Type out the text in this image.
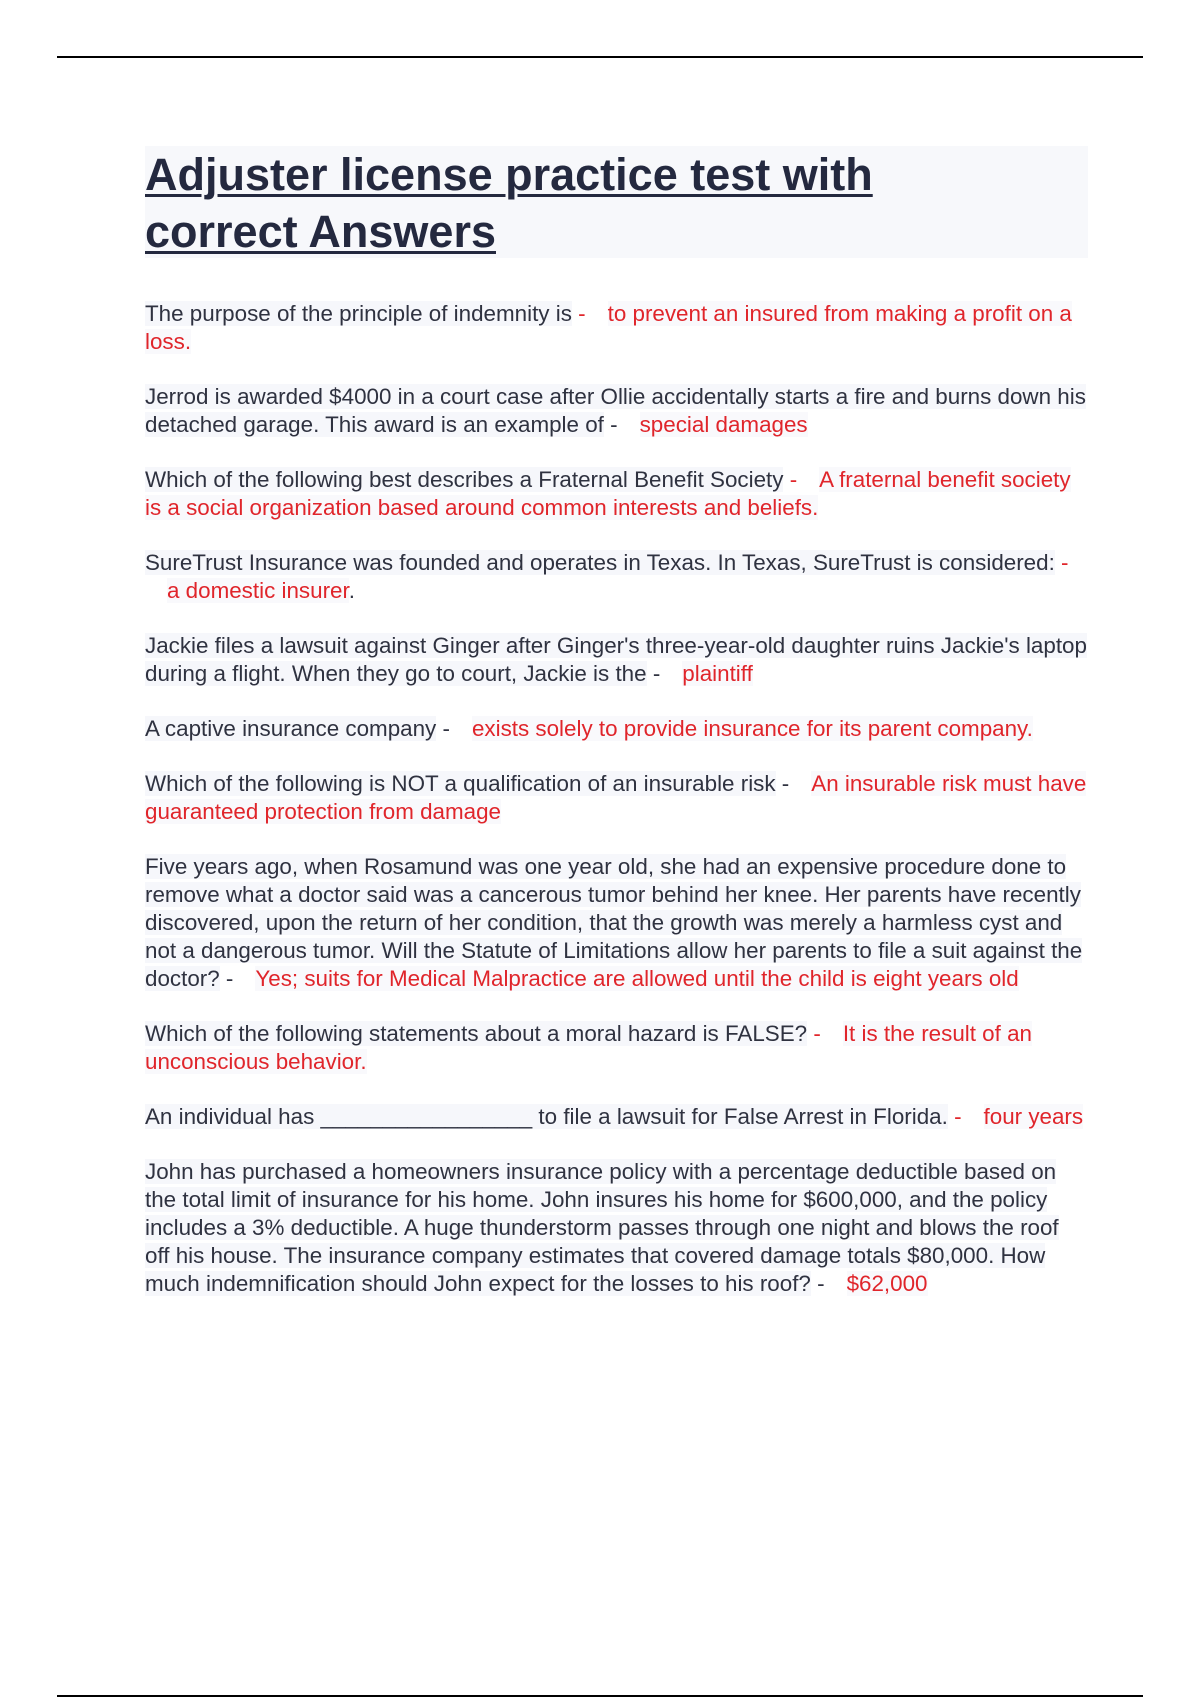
Adjuster license practice test with
correct Answers

The purpose of the principle of indemnity is - to prevent an insured from making a profit on a loss.

Jerrod is awarded $4000 in a court case after Ollie accidentally starts a fire and burns down his detached garage. This award is an example of - special damages

Which of the following best describes a Fraternal Benefit Society - A fraternal benefit society is a social organization based around common interests and beliefs.

SureTrust Insurance was founded and operates in Texas. In Texas, SureTrust is considered: -a domestic insurer.

Jackie files a lawsuit against Ginger after Ginger's three-year-old daughter ruins Jackie's laptop during a flight. When they go to court, Jackie is the - plaintiff

A captive insurance company - exists solely to provide insurance for its parent company.

Which of the following is NOT a qualification of an insurable risk - An insurable risk must have guaranteed protection from damage

Five years ago, when Rosamund was one year old, she had an expensive procedure done to remove what a doctor said was a cancerous tumor behind her knee. Her parents have recently discovered, upon the return of her condition, that the growth was merely a harmless cyst and not a dangerous tumor. Will the Statute of Limitations allow her parents to file a suit against the doctor? - Yes; suits for Medical Malpractice are allowed until the child is eight years old

Which of the following statements about a moral hazard is FALSE? - It is the result of an unconscious behavior.

An individual has _________________ to file a lawsuit for False Arrest in Florida. - four years

John has purchased a homeowners insurance policy with a percentage deductible based on the total limit of insurance for his home. John insures his home for $600,000, and the policy includes a 3% deductible. A huge thunderstorm passes through one night and blows the roof off his house. The insurance company estimates that covered damage totals $80,000. How much indemnification should John expect for the losses to his roof? - $62,000
